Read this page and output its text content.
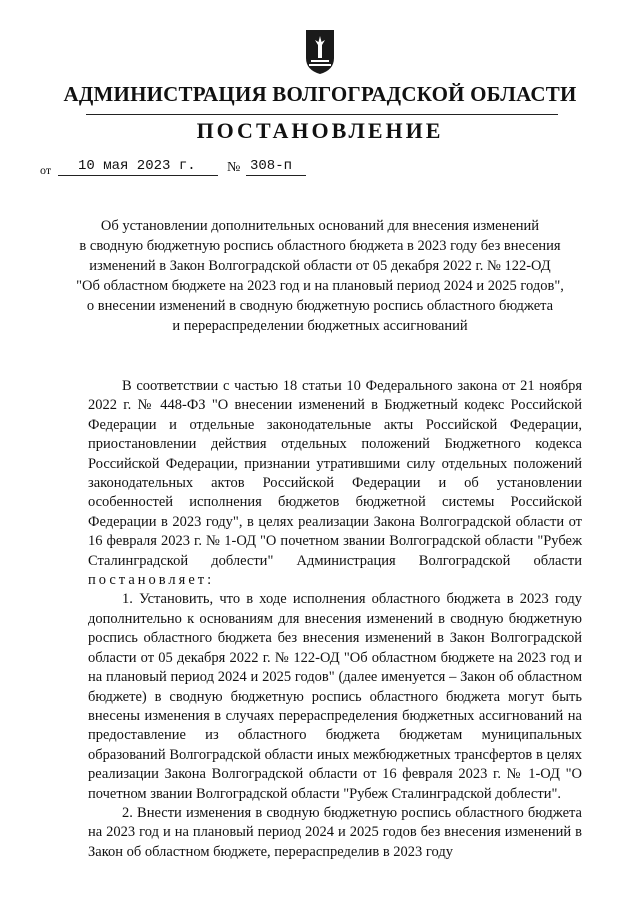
АДМИНИСТРАЦИЯ ВОЛГОГРАДСКОЙ ОБЛАСТИ
ПОСТАНОВЛЕНИЕ
от	10 мая 2023 г.	№ 308-п
Об установлении дополнительных оснований для внесения изменений
в сводную бюджетную роспись областного бюджета в 2023 году без внесения
изменений в Закон Волгоградской области от 05 декабря 2022 г. № 122-ОД
"Об областном бюджете на 2023 год и на плановый период 2024 и 2025 годов",
о внесении изменений в сводную бюджетную роспись областного бюджета
и перераспределении бюджетных ассигнований

В соответствии с частью 18 статьи 10 Федерального закона от 21 ноября 2022 г. № 448-ФЗ "О внесении изменений в Бюджетный кодекс Российской Федерации и отдельные законодательные акты Российской Федерации, приостановлении действия отдельных положений Бюджетного кодекса Российской Федерации, признании утратившими силу отдельных положений законодательных актов Российской Федерации и об установлении особенностей исполнения бюджетов бюджетной системы Российской Федерации в 2023 году", в целях реализации Закона Волгоградской области от 16 февраля 2023 г. № 1-ОД "О почетном звании Волгоградской области "Рубеж Сталинградской доблести" Администрация Волгоградской области постановляет:

1. Установить, что в ходе исполнения областного бюджета в 2023 году дополнительно к основаниям для внесения изменений в сводную бюджетную роспись областного бюджета без внесения изменений в Закон Волгоградской области от 05 декабря 2022 г. № 122-ОД "Об областном бюджете на 2023 год и на плановый период 2024 и 2025 годов" (далее именуется – Закон об областном бюджете) в сводную бюджетную роспись областного бюджета могут быть внесены изменения в случаях перераспределения бюджетных ассигнований на предоставление из областного бюджета бюджетам муниципальных образований Волгоградской области иных межбюджетных трансфертов в целях реализации Закона Волгоградской области от 16 февраля 2023 г. № 1-ОД "О почетном звании Волгоградской области "Рубеж Сталинградской доблести".

2. Внести изменения в сводную бюджетную роспись областного бюджета на 2023 год и на плановый период 2024 и 2025 годов без внесения изменений в Закон об областном бюджете, перераспределив в 2023 году
